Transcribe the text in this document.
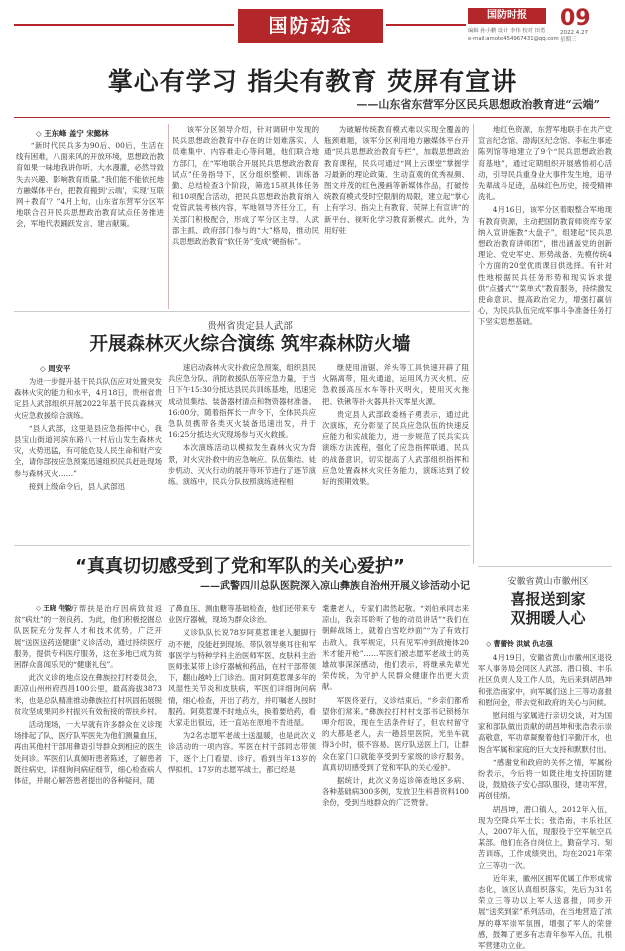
国防动态	国防时报
编辑 孙小鹏 设计 李伟 校对 田勇
e-mail:amote454967431@qq.com
09
2022.4.27
星期三
掌心有学习 指尖有教育 荧屏有宣讲
——山东省东营军分区民兵思想政治教育进“云端”
◇ 王东峰 盖宁 宋懿林

“新时代民兵多为90后、00后，生活在线有困难，八面来风的开放环境，思想政治教育如果一味地我讲你听、大水漫灌，必然导致失去兴趣、影响教育质量。”我们能不能依托地方融媒体平台，把教育搬到‘云端’，实现‘互联网＋教育’？”4月上旬，山东省东营军分区军地联合召开民兵思想政治教育试点任务推进会，军地代表踊跃发言、建言献策。

该军分区领导介绍，针对调研中发现的民兵思想政治教育中存在的计划难落实、人员难集中、内容难走心等问题，他们联合地方部门，在“军地联合开展民兵思想政治教育试点”任务指导下，区分组织整顿、训练备勤、总结检查3个阶段，筛选15项具体任务和10项配合活动，把民兵思想政治教育纳入党管武装考核内容，军地领导齐任分工，有关部门积极配合，形成了军分区主导、人武部主抓、政府部门参与的“大”格局，推动民兵思想政治教育“软任务”变成“硬指标”。

为破解传统教育模式难以实现全覆盖的瓶颈难题，该军分区利用地方融媒体平台开通“民兵思想政治教育专栏”，加载思想政治教育课程，民兵可通过“网上云课堂”掌握学习最新的理论政策、生动直观的优秀视频、图文并茂的红色漫画等新媒体作品，打破传统教育模式受时空限制的局限，建立起“掌心上有学习、指尖上有教育、荧屏上有宣讲”的新平台、视听化学习教育新模式。此外，为用好驻

地红色资源，东营军地联手在共产党宣言纪念馆、渤海区纪念馆、李耘生事迹陈列馆等地建立了9个“民兵思想政治教育基地”，通过定期组织开展感悟初心活动，引导民兵重身业大事件发生地，追寻先辈战斗足迹，品味红色历史，接受精神洗礼。

4月16日，该军分区着眼整合军地现有教育资源，主动把国防教育师资库专家纳入宣讲施教“大盘子”，组建起“民兵思想政治教育讲师团”，推出涵盖党的创新理论、党史军史、形势战备、先模传统4个方面的20堂优质课目供选择。有针对性地根据民兵任务形势和现实诉求提供“点播式”“菜单式”教育服务，持续激发使命意识、提高政治定力，增强打赢信心，为民兵队伍完成军事斗争准备任务打下坚实思想基础。

贵州省贵定县人武部
开展森林灭火综合演练 筑牢森林防火墙
◇ 周安平

为进一步提升基干民兵队伍应对处置突发森林火灾的能力和水平，4月18日，贵州省贵定县人武部组织开展2022年基干民兵森林灭火应急救援综合演练。

“县人武部，这里是县应急指挥中心，我县宝山街道河滨东路八一村后山发生森林火灾，火势迅猛，有可能危及人民生命和财产安全，请你部按应急预案迅速组织民兵赶赴现场参与森林灭火……”

接到上级命令后，县人武部迅

速启动森林火灾扑救应急预案，组织县民兵应急分队、消防救援队伍等应急力量，于当日下午15:30分抵达县民兵训练基地，迅速完成动员集结、装备器材清点和物资器材准备。16:00分，随着指挥长一声令下，全体民兵应急队员携带各类灭火装备迅速出发，并于16:25分抵达火灾现场参与灭火救援。

本次演练活动以模拟发生森林火灾为背景，对火灾扑救中的应急响应、队伍集结、徒步机动、灭火行动的展开等环节进行了逐节演练。演练中，民兵分队按照演练进程相

继使用油锯、斧头等工具快速开辟了阻火隔离带，阻火通道，运用风力灭火机、应急救援高压水车等扑灭明火，使用灭火拖把、铁锹等扑火器具扑灭零星火源。

贵定县人武部政委杨子勇表示，通过此次演练，充分彰显了民兵应急队伍的快速反应能力和实战能力，进一步规范了民兵实兵演练方法流程，强化了应急指挥联通、民兵的战备意识，切实提高了人武部组织指挥和应急处置森林火灾任务能力，演练达到了较好的预期效果。

“真真切切感受到了党和军队的关心爱护”
——武警四川总队医院深入凉山彝族自治州开展义诊活动小记
◇ 王晓 牛锐

医疗帮扶是治疗因病致贫返贫“病灶”的一剂良药。为此，他们积极挖掘总队医院充分发挥人才和技术优势，广泛开展“送医送药送健康”义诊活动，通过持续医疗服务，提供专科医疗服务，这在多地已成为贫困群众喜闻乐见的“健康礼包”。

此次义诊的地点设在彝族拉打村委员会，距凉山州州府西昌100公里，最高海拔3873米，也是总队精准推动彝族拉打村巩固拓展脱贫攻坚成果同乡村振兴有效衔接的帮扶乡村。

活动现场，一大早就有许多群众在义诊现场排起了队，医疗队军医先为他们测量血压，再由其他村干部用彝语引导群众到相应的医生处问诊。军医们认真倾听患者陈述，了解患者既往病史，详细询问病症细节，细心检查病人体征，并耐心解答患者提出的各种疑问，随

了鼻血压、测血糖等基础检查，他们还带来专业医疗器械，现场为群众诊治。

义诊队队长说78岁阿莫惹课老人腿脚行动不便，没能赶到现场。带队领导奥耳住和军事医学与特种学科主治医师军医、皮肤科主治医师张某带上诊疗器械和药品，在村干部带领下，翻山越岭上门诊治。面对阿莫惹课多年的风湿性关节炎和皮肤病，军医们详细询问病情，细心检查，开出了药方，并叮嘱老人按时服药。阿莫惹课不时地点头，换着要给药，看大家走出很远，还一直站在原地不肯进屋。

为2名志愿军老战士送温暖，也是此次义诊活动的一项内容。军医在村干部同志带领下，逐个上门看望、诊疗。看到当年13岁的悍拟机、17岁的志愿军战士，都已经是

耄耋老人，专家们肃然起敬。“刘伯承同志来凉山，我亲耳聆听了他的动员讲话”“我们在朝鲜战场上，就着白雪吃炒面”“为了有效打击敌人，我军规定，只有见军冲到敌掩体20米才能开枪”……军医们被志愿军老战士的英雄故事深深感动，他们表示，将继承先辈光荣传统，为守护人民群众健康作出更大贡献。

军医佟亚行，义诊结束后，“乡亲们都希望你们常来。”彝族拉打村村支部书记锁杨尔呷介绍说，现在生活条件好了，但农村留守的大都是老人，去一趟县里医院，光坐车就得3小时，很不容易。医疗队送医上门，让群众在家门口就能享受到专家级的诊疗服务，真真切切感受到了党和军队的关心爱护。

据统计，此次义务巡诊筛查地区多病、各种基础病300多例，发放卫生科普资料100余份，受到当地群众的广泛赞誉。

安徽省黄山市徽州区
喜报送到家
双拥暖人心
◇ 曹蕾铃 洪斌 仇志强

4月19日，安徽省黄山市徽州区退役军人事务局会同区人武部、潜口镇、丰乐社区负责人及工作人员，先后来到胡昌坤和张浩南家中，向军属们送上三等功喜报和慰问金，带去党和政府的关心与问候。

慰问组与家属进行亲切交谈，对为国家和部队做出贡献的胡昌坤和张浩表示崇高敬意，军功章凝聚着他们辛勤汗水，也饱含军属和家庭的巨大支持和默默付出。

“感谢党和政府的关怀之情，军属纷纷表示，今后将一如既往地支持国防建设，鼓励孩子安心部队服役，建功军营，再创佳绩。

胡昌坤，潜口镇人，2012年入伍，现为空降兵军士长；张浩南，丰乐社区人，2007年入伍，现服役于空军航空兵某部。他们在各自岗位上，勤奋学习、刻苦训练，工作成绩突出，均在2021年荣立三等功一次。

近年来，徽州区拥军优属工作形成常态化，该区认真组织落实，先后为31名荣立三等功以上军人送喜报，同步开展“送奖到家”系列活动，在当地营造了浓厚的尊军崇军氛围，增强了军人的荣誉感，鼓舞了更多有志青年参军入伍，扎根军营建功立业。
